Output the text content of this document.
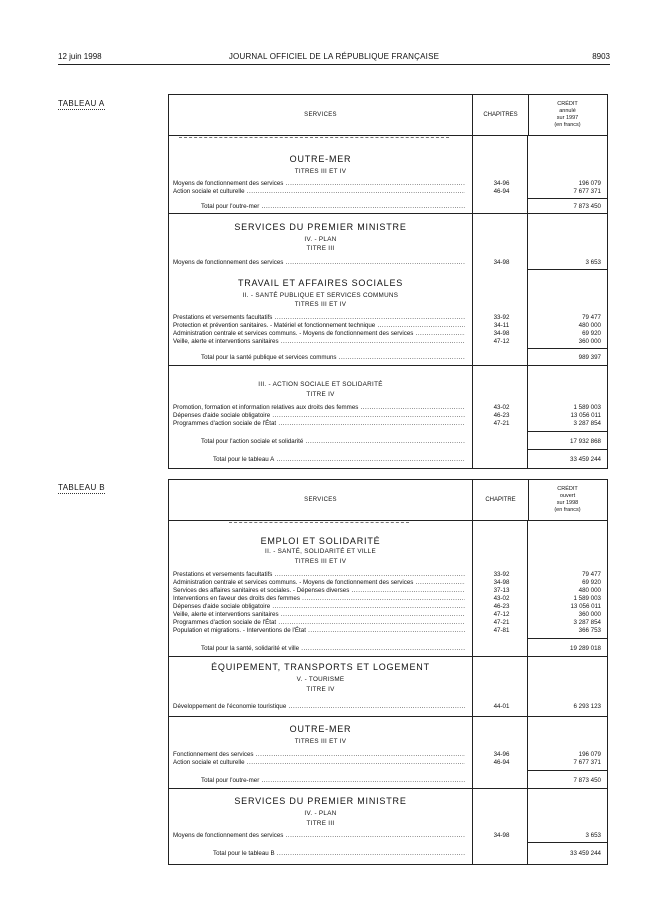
12 juin 1998	JOURNAL OFFICIEL DE LA RÉPUBLIQUE FRANÇAISE	8903
TABLEAU A
SERVICES	CHAPITRES
CRÉDIT
annulé
sur 1997
(en francs)
OUTRE-MER
TITRES III ET IV
Moyens de fonctionnement des services .....	34-96	196 079
Action sociale et culturelle .....	46-94	7 677 371
Total pour l'outre-mer .....	7 873 450
SERVICES DU PREMIER MINISTRE
IV. - PLAN
TITRE III
Moyens de fonctionnement des services .....	34-98	3 653
TRAVAIL ET AFFAIRES SOCIALES
II. - SANTÉ PUBLIQUE ET SERVICES COMMUNS
TITRES III ET IV
Prestations et versements facultatifs .....	33-92	79 477
Protection et prévention sanitaires. - Matériel et fonctionnement technique .....	34-11	480 000
Administration centrale et services communs. - Moyens de fonctionnement des services .....	34-98	69 920
Veille, alerte et interventions sanitaires .....	47-12	360 000
Total pour la santé publique et services communs .....	989 397
III. - ACTION SOCIALE ET SOLIDARITÉ
TITRE IV
Promotion, formation et information relatives aux droits des femmes .....	43-02	1 589 003
Dépenses d'aide sociale obligatoire .....	46-23	13 056 011
Programmes d'action sociale de l'État .....	47-21	3 287 854
Total pour l'action sociale et solidarité .....	17 932 868
Total pour le tableau A .....	33 459 244
TABLEAU B
SERVICES	CHAPITRE
CRÉDIT
ouvert
sur 1998
(en francs)
EMPLOI ET SOLIDARITÉ
II. - SANTÉ, SOLIDARITÉ ET VILLE
TITRES III ET IV
Prestations et versements facultatifs .....	33-92	79 477
Administration centrale et services communs. - Moyens de fonctionnement des services .....	34-98	69 920
Services des affaires sanitaires et sociales. - Dépenses diverses .....	37-13	480 000
Interventions en faveur des droits des femmes .....	43-02	1 589 003
Dépenses d'aide sociale obligatoire .....	46-23	13 056 011
Veille, alerte et interventions sanitaires .....	47-12	360 000
Programmes d'action sociale de l'État .....	47-21	3 287 854
Population et migrations. - Interventions de l'État .....	47-81	366 753
Total pour la santé, solidarité et ville .....	19 289 018
ÉQUIPEMENT, TRANSPORTS ET LOGEMENT
V. - TOURISME
TITRE IV
Développement de l'économie touristique .....	44-01	6 293 123
OUTRE-MER
TITRES III ET IV
Fonctionnement des services .....	34-96	196 079
Action sociale et culturelle .....	46-94	7 677 371
Total pour l'outre-mer .....	7 873 450
SERVICES DU PREMIER MINISTRE
IV. - PLAN
TITRE III
Moyens de fonctionnement des services .....	34-98	3 653
Total pour le tableau B .....	33 459 244
